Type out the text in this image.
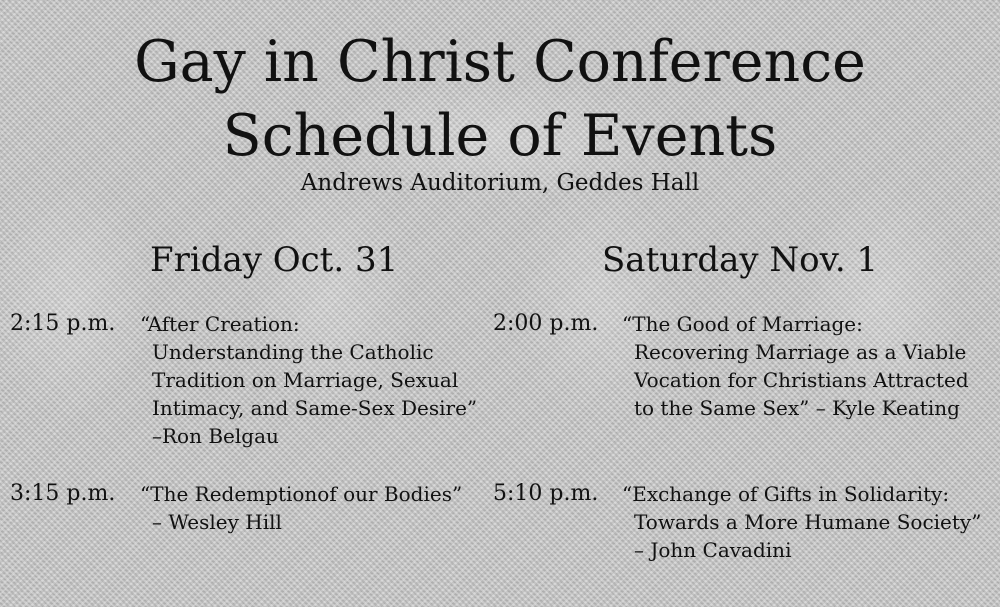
Gay in Christ Conference
Schedule of Events
Andrews Auditorium, Geddes Hall
Friday Oct. 31	Saturday Nov. 1
2:15 p.m. “After Creation:
Understanding the Catholic
Tradition on Marriage, Sexual
Intimacy, and Same-Sex Desire”
–Ron Belgau
3:15 p.m. “The Redemptionof our Bodies”
– Wesley Hill
2:00 p.m. “The Good of Marriage:
Recovering Marriage as a Viable
Vocation for Christians Attracted
to the Same Sex” – Kyle Keating
5:10 p.m. “Exchange of Gifts in Solidarity:
Towards a More Humane Society”
– John Cavadini
